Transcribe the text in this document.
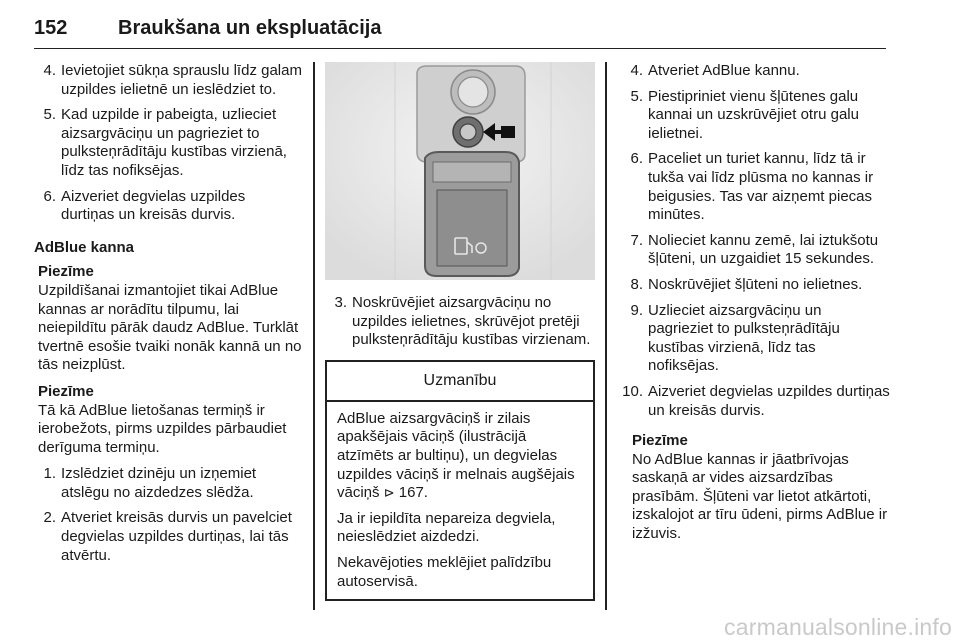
152	Braukšana un ekspluatācija
4. Ievietojiet sūkņa sprauslu līdz galam uzpildes ielietnē un ieslēdziet to.
5. Kad uzpilde ir pabeigta, uzlieciet aizsargvāciņu un pagrieziet to pulksteņrādītāju kustības virzienā, līdz tas nofiksējas.
6. Aizveriet degvielas uzpildes durtiņas un kreisās durvis.
AdBlue kanna
Piezīme
Uzpildīšanai izmantojiet tikai AdBlue kannas ar norādītu tilpumu, lai neiepildītu pārāk daudz AdBlue. Turklāt tvertnē esošie tvaiki nonāk kannā un no tās neizplūst.
Piezīme
Tā kā AdBlue lietošanas termiņš ir ierobežots, pirms uzpildes pārbaudiet derīguma termiņu.
1. Izslēdziet dzinēju un izņemiet atslēgu no aizdedzes slēdža.
2. Atveriet kreisās durvis un pavelciet degvielas uzpildes durtiņas, lai tās atvērtu.
3. Noskrūvējiet aizsargvāciņu no uzpildes ielietnes, skrūvējot pretēji pulksteņrādītāju kustības virzienam.
Uzmanību

AdBlue aizsargvāciņš ir zilais apakšējais vāciņš (ilustrācijā atzīmēts ar bultiņu), un degvielas uzpildes vāciņš ir melnais augšējais vāciņš ⊳ 167.

Ja ir iepildīta nepareiza degviela, neieslēdziet aizdedzi.

Nekavējoties meklējiet palīdzību autoservisā.

4. Atveriet AdBlue kannu.
5. Piestipriniet vienu šļūtenes galu kannai un uzskrūvējiet otru galu ielietnei.
6. Paceliet un turiet kannu, līdz tā ir tukša vai līdz plūsma no kannas ir beigusies. Tas var aizņemt piecas minūtes.
7. Nolieciet kannu zemē, lai iztukšotu šļūteni, un uzgaidiet 15 sekundes.
8. Noskrūvējiet šļūteni no ielietnes.
9. Uzlieciet aizsargvāciņu un pagrieziet to pulksteņrādītāju kustības virzienā, līdz tas nofiksējas.
10. Aizveriet degvielas uzpildes durtiņas un kreisās durvis.
Piezīme
No AdBlue kannas ir jāatbrīvojas saskaņā ar vides aizsardzības prasībām. Šļūteni var lietot atkārtoti, izskalojot ar tīru ūdeni, pirms AdBlue ir izžuvis.
carmanualsonline.info
